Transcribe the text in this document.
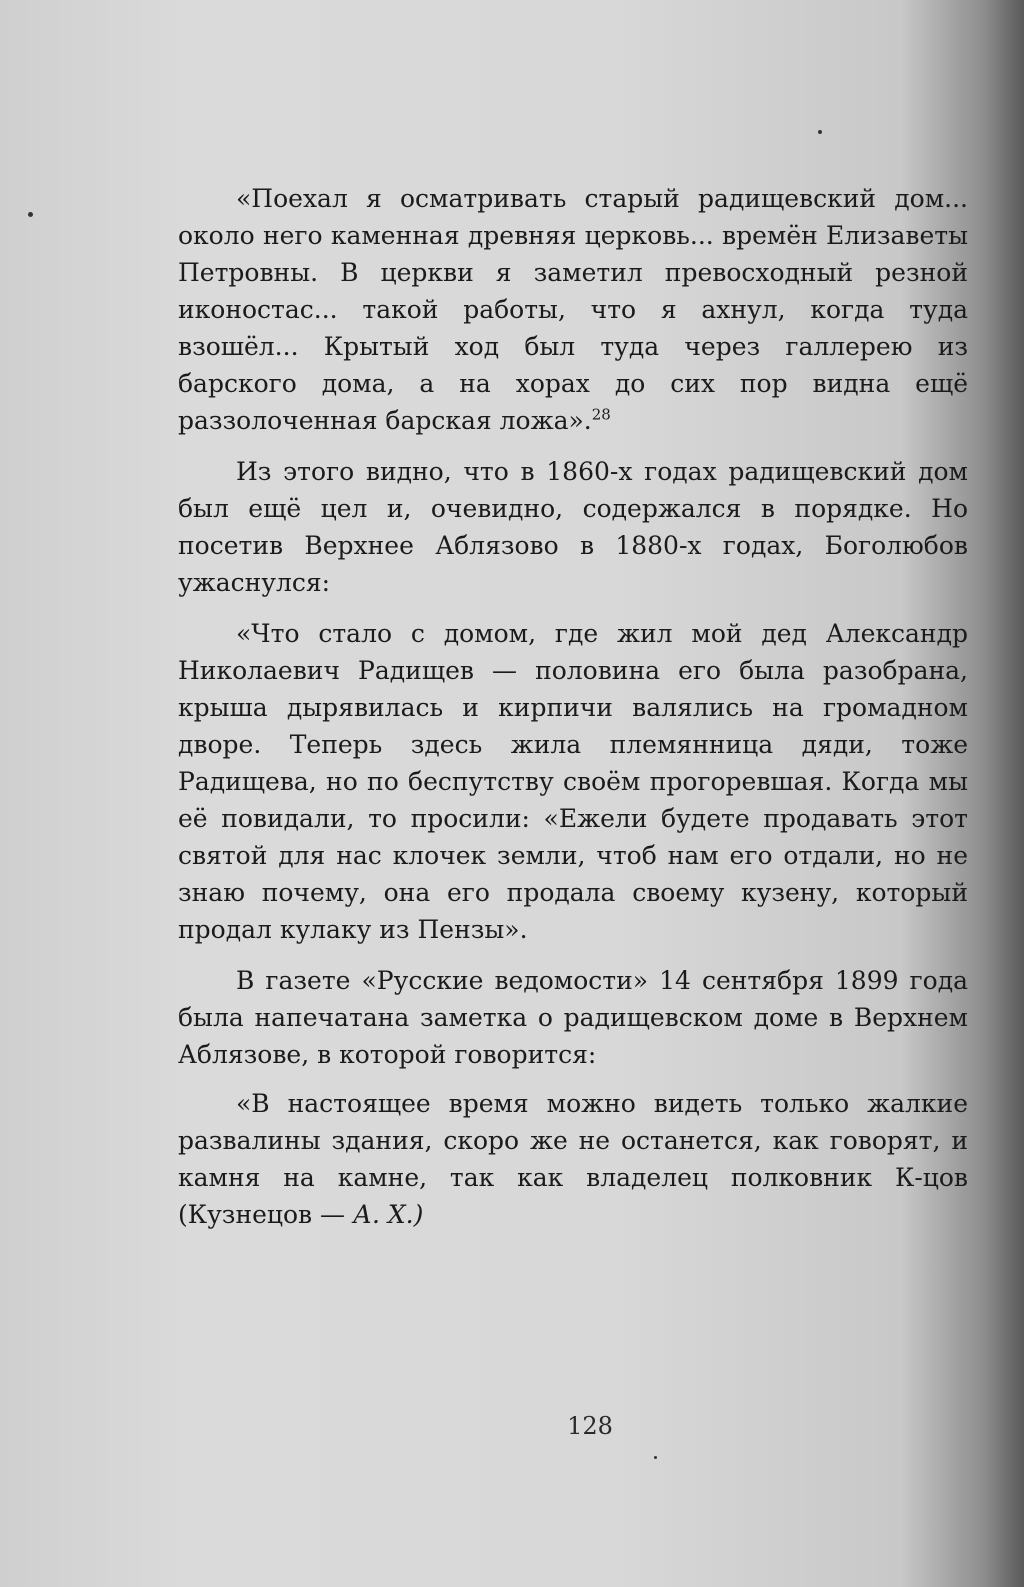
«Поехал я осматривать старый радищевский дом... около него каменная древняя церковь... времён Елизаветы Петровны. В церкви я заметил превосходный резной иконостас... такой работы, что я ахнул, когда туда взошёл... Крытый ход был туда через галлерею из барского дома, а на хорах до сих пор видна ещё раззолоченная барская ложа».$^{28}$

Из этого видно, что в 1860-х годах радищевский дом был ещё цел и, очевидно, содержался в порядке. Но посетив Верхнее Аблязово в 1880-х годах, Боголюбов ужаснулся:

«Что стало с домом, где жил мой дед Александр Николаевич Радищев — половина его была разобрана, крыша дырявилась и кирпичи валялись на громадном дворе. Теперь здесь жила племянница дяди, тоже Радищева, но по беспутству своём прогоревшая. Когда мы её повидали, то просили: «Ежели будете продавать этот святой для нас клочек земли, чтоб нам его отдали, но не знаю почему, она его продала своему кузену, который продал кулаку из Пензы».

В газете «Русские ведомости» 14 сентября 1899 года была напечатана заметка о радищевском доме в Верхнем Аблязове, в которой говорится:

«В настоящее время можно видеть только жалкие развалины здания, скоро же не останется, как говорят, и камня на камне, так как владелец полковник К-цов (Кузнецов — А. Х.)

128
